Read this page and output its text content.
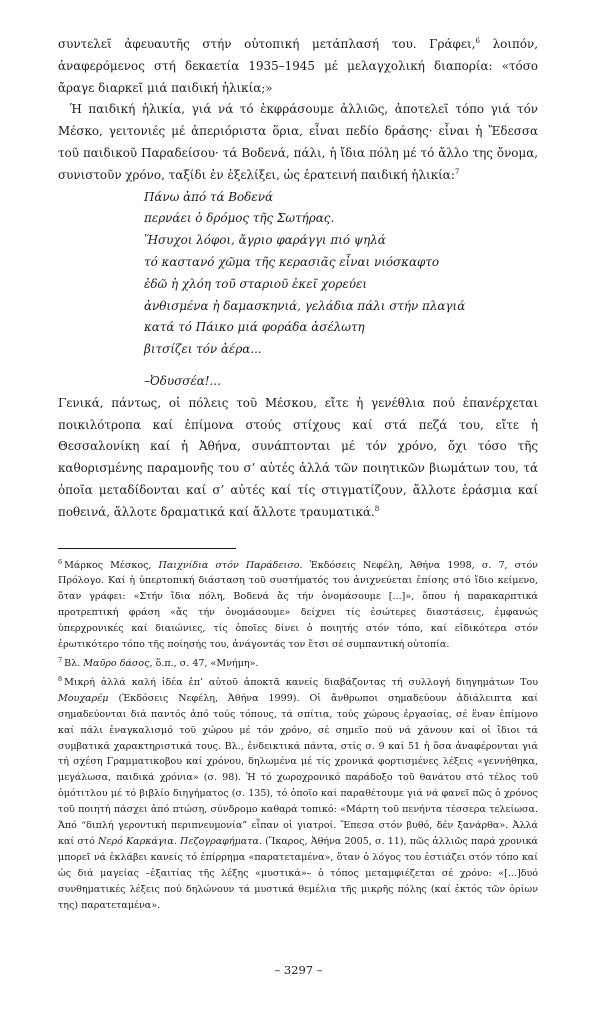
συντελεῖ ἀφευαυτῆς στήν οὐτοπική μετάπλασή του. Γράφει,$^6$ λοιπόν, ἀναφερόμενος στή δεκαετία 1935–1945 μέ μελαγχολική διαπορία: «τόσο ἄραγε διαρκεῖ μιά παιδική ἡλικία;»

Ἡ παιδική ἡλικία, γιά νά τό ἐκφράσουμε ἀλλιῶς, ἀποτελεῖ τόπο γιά τόν Μέσκο, γειτονιές μέ ἀπεριόριστα ὅρια, εἶναι πεδίο δράσης· εἶναι ἡ Ἔδεσσα τοῦ παιδικοῦ Παραδείσου· τά Βοδενά, πάλι, ἡ ἴδια πόλη μέ τό ἄλλο της ὄνομα, συνιστοῦν χρόνο, ταξίδι ἐν ἐξελίξει, ὡς ἐρατεινή παιδική ἡλικία:$^7$

Πάνω ἀπό τά Βοδενά
περνάει ὁ δρόμος τῆς Σωτήρας.
Ἥσυχοι λόφοι, ἄγριο φαράγγι πιό ψηλά
τό καστανό χῶμα τῆς κερασιᾶς εἶναι νιόσκαφτο
ἐδῶ ἡ χλόη τοῦ σταριοῦ ἐκεῖ χορεύει
ἀνθισμένα ἡ δαμασκηνιά, γελάδια πάλι στήν πλαγιά
κατά τό Πάικο μιά φοράδα ἀσέλωτη
βιτσίζει τόν ἀέρα...

–Ὀδυσσέα!...

Γενικά, πάντως, οἱ πόλεις τοῦ Μέσκου, εἴτε ἡ γενέθλια πού ἐπανέρχεται ποικιλότροπα καί ἐπίμονα στούς στίχους καί στά πεζά του, εἴτε ἡ Θεσσαλονίκη καί ἡ Ἀθήνα, συνάπτονται μέ τόν χρόνο, ὄχι τόσο τῆς καθορισμένης παραμονῆς του σ’ αὐτές ἀλλά τῶν ποιητικῶν βιωμάτων του, τά ὁποῖα μεταδίδονται καί σ’ αὐτές καί τίς στιγματίζουν, ἄλλοτε ἐράσμια καί ποθεινά, ἄλλοτε δραματικά καί ἄλλοτε τραυματικά.$^8$

$^6$ Μάρκος Μέσκος, Παιχνίδια στόν Παράδεισο. Ἐκδόσεις Νεφέλη, Ἀθήνα 1998, σ. 7, στόν Πρόλογο. Καί ἡ ὑπερτοπική διάσταση τοῦ συστήματός του ἀνιχνεύεται ἐπίσης στό ἴδιο κείμενο, ὅταν γράφει: «Στήν ἴδια πόλη, Βοδενά ἄς τήν ὀνομάσουμε [...]», ὅπου ἡ παρακαρπτικά προτρεπτική φράση «ἄς τήν ὀνομάσουμε» δείχνει τίς ἐσώτερες διαστάσεις, ἐμφανώς ὑπερχρονικές καί διαιώνιες, τίς ὁποῖες δίνει ὁ ποιητής στόν τόπο, καί εἰδικότερα στόν ἐρωτικότερο τόπο τῆς ποίησής του, ἀνάγοντάς τον ἔτσι σέ συμπαντική οὐτοπία.

$^7$ Βλ. Μαῦρο δάσος, ὅ.π., σ. 47, «Μνήμη».

$^8$ Μικρή ἀλλά καλή ἰδέα ἐπ’ αὐτοῦ ἀποκτᾶ κανείς διαβάζοντας τή συλλογή διηγημάτων Του Μουχαρέμ (Ἐκδόσεις Νεφέλη, Ἀθήνα 1999). Οἱ ἄνθρωποι σημαδεύουν ἀδιάλειπτα καί σημαδεύονται διά παντός ἀπό τούς τόπους, τά σπίτια, τούς χώρους ἐργασίας, σέ ἕναν ἐπίμονο καί πάλι ἐναγκαλισμό τοῦ χώρου μέ τόν χρόνο, σέ σημεῖο πού νά χάνουν καί οἱ ἴδιοι τά συμβατικά χαρακτηριστικά τους. Βλ., ἐνδεικτικά πάντα, στίς σ. 9 καί 51 ἡ ὅσα ἀναφέρονται γιά τή σχέση Γραμματικοβου καί χρόνου, δηλωμένα μέ τίς χρονικά φορτισμένες λέξεις «γεννήθηκα, μεγάλωσα, παιδικά χρόνια» (σ. 98). Ἡ τό χωροχρονικό παράδοξο τοῦ θανάτου στό τέλος τοῦ ὁμότιτλου μέ τό βιβλίο διηγήματος (σ. 135), τό ὁποῖο καί παραθέτουμε γιά νά φανεῖ πῶς ὁ χρόνος τοῦ ποιητή πάσχει ἀπό πτώση, σύνδρομο καθαρά τοπικό: «Μάρτη τοῦ πενήντα τέσσερα τελείωσα. Ἀπό “διπλή γεροντική περιπνευμονία” εἶπαν οἱ γιατροί. Ἔπεσα στόν βυθό, δέν ξανάρθα». Ἀλλά καί στό Νερό Καρκάγια. Πεζογραφήματα. (Ἴκαρος, Ἀθήνα 2005, σ. 11), πῶς ἀλλιῶς παρά χρονικά μπορεῖ νά ἐκλάβει κανείς τό ἐπίρρημα «παρατεταμένα», ὅταν ὁ λόγος του ἑστιάζει στόν τόπο καί ὡς διά μαγείας –ἐξαιτίας τῆς λέξης «μυστικά»– ὁ τόπος μεταμφιέζεται σέ χρόνο: «[...]δυό συνθηματικές λέξεις πού δηλώνουν τά μυστικά θεμέλια τῆς μικρῆς πόλης (καί ἐκτός τῶν ὁρίων της) παρατεταμένα».

– 3297 –
